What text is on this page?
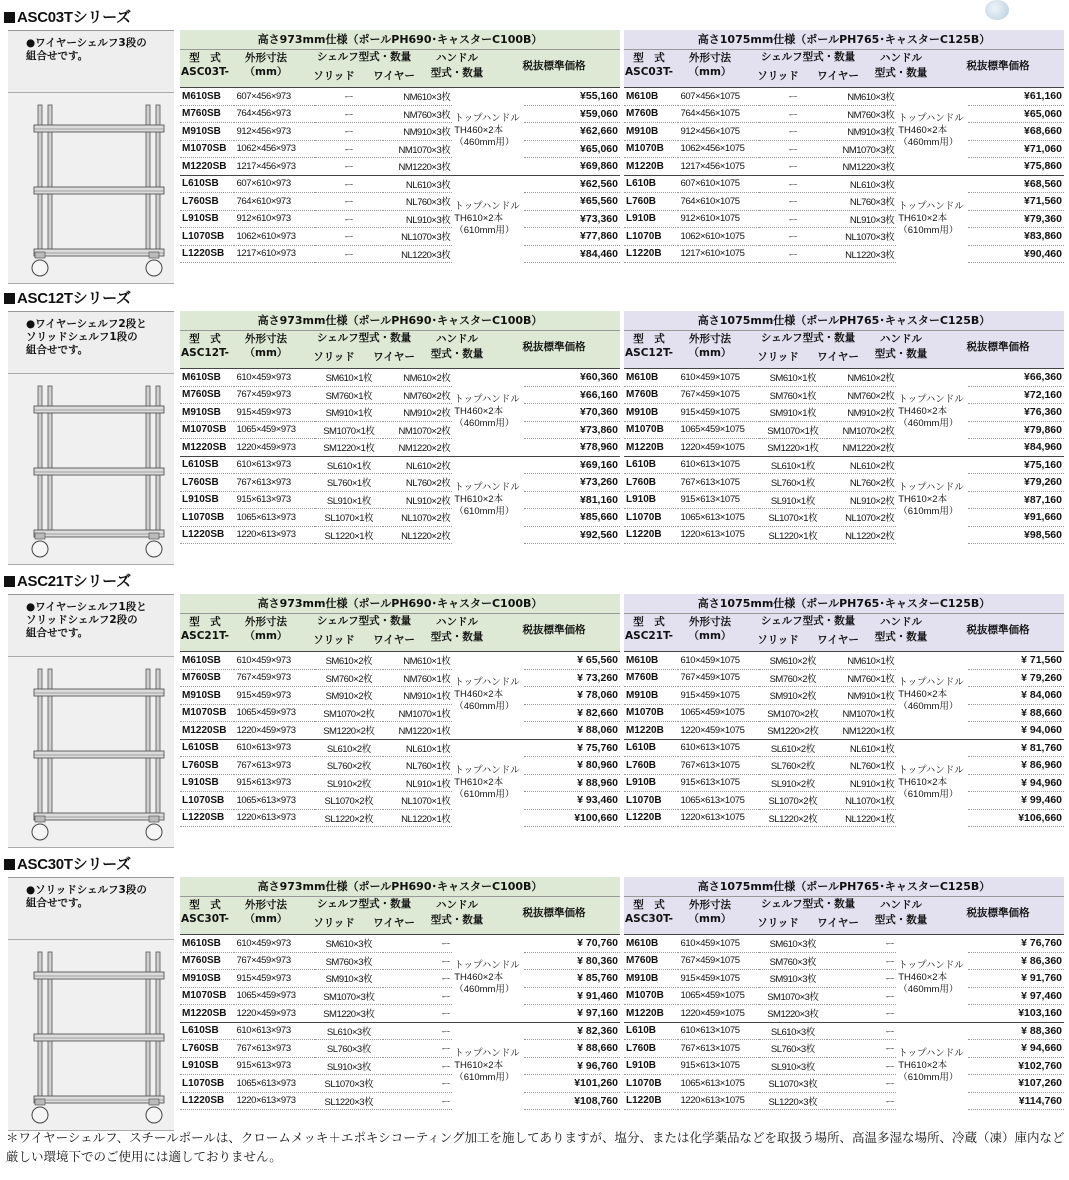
ASC03Tシリーズ
●ワイヤーシェルフ3段の
組合せです。
高さ973mm仕様（ポールPH690･キャスターC100B）
型　式
ASC03T-
外形寸法
（mm）	ソリッド	ワイヤー
ハンドル
型式・数量
税抜標準価格
シェルフ型式・数量
M610SB	607×456×973	ー	NM610×3枚	トップハンドル TH460×2本 （460mm用）	¥55,160
M760SB	764×456×973	ー	NM760×3枚		¥59,060
M910SB	912×456×973	ー	NM910×3枚		¥62,660
M1070SB	1062×456×973	ー	NM1070×3枚		¥65,060
M1220SB	1217×456×973	ー	NM1220×3枚		¥69,860
L610SB	607×610×973	ー	NL610×3枚	トップハンドル TH610×2本 （610mm用）	¥62,560
L760SB	764×610×973	ー	NL760×3枚		¥65,560
L910SB	912×610×973	ー	NL910×3枚		¥73,360
L1070SB	1062×610×973	ー	NL1070×3枚		¥77,860
L1220SB	1217×610×973	ー	NL1220×3枚		¥84,460
高さ1075mm仕様（ポールPH765･キャスターC125B）
型　式
ASC03T-
外形寸法
（mm）	ソリッド	ワイヤー
ハンドル
型式・数量
税抜標準価格
シェルフ型式・数量
M610B	607×456×1075	ー	NM610×3枚	トップハンドル TH460×2本 （460mm用）	¥61,160
M760B	764×456×1075	ー	NM760×3枚		¥65,060
M910B	912×456×1075	ー	NM910×3枚		¥68,660
M1070B	1062×456×1075	ー	NM1070×3枚		¥71,060
M1220B	1217×456×1075	ー	NM1220×3枚		¥75,860
L610B	607×610×1075	ー	NL610×3枚	トップハンドル TH610×2本 （610mm用）	¥68,560
L760B	764×610×1075	ー	NL760×3枚		¥71,560
L910B	912×610×1075	ー	NL910×3枚		¥79,360
L1070B	1062×610×1075	ー	NL1070×3枚		¥83,860
L1220B	1217×610×1075	ー	NL1220×3枚		¥90,460
ASC12Tシリーズ
●ワイヤーシェルフ2段と
ソリッドシェルフ1段の
組合せです。
高さ973mm仕様（ポールPH690･キャスターC100B）
型　式
ASC12T-
外形寸法
（mm）	ソリッド	ワイヤー
ハンドル
型式・数量
税抜標準価格
シェルフ型式・数量
M610SB	610×459×973	SM610×1枚	NM610×2枚	トップハンドル TH460×2本 （460mm用）	¥60,360
M760SB	767×459×973	SM760×1枚	NM760×2枚		¥66,160
M910SB	915×459×973	SM910×1枚	NM910×2枚		¥70,360
M1070SB	1065×459×973	SM1070×1枚	NM1070×2枚		¥73,860
M1220SB	1220×459×973	SM1220×1枚	NM1220×2枚		¥78,960
L610SB	610×613×973	SL610×1枚	NL610×2枚	トップハンドル TH610×2本 （610mm用）	¥69,160
L760SB	767×613×973	SL760×1枚	NL760×2枚		¥73,260
L910SB	915×613×973	SL910×1枚	NL910×2枚		¥81,160
L1070SB	1065×613×973	SL1070×1枚	NL1070×2枚		¥85,660
L1220SB	1220×613×973	SL1220×1枚	NL1220×2枚		¥92,560
高さ1075mm仕様（ポールPH765･キャスターC125B）
型　式
ASC12T-
外形寸法
（mm）	ソリッド	ワイヤー
ハンドル
型式・数量
税抜標準価格
シェルフ型式・数量
M610B	610×459×1075	SM610×1枚	NM610×2枚	トップハンドル TH460×2本 （460mm用）	¥66,360
M760B	767×459×1075	SM760×1枚	NM760×2枚		¥72,160
M910B	915×459×1075	SM910×1枚	NM910×2枚		¥76,360
M1070B	1065×459×1075	SM1070×1枚	NM1070×2枚		¥79,860
M1220B	1220×459×1075	SM1220×1枚	NM1220×2枚		¥84,960
L610B	610×613×1075	SL610×1枚	NL610×2枚	トップハンドル TH610×2本 （610mm用）	¥75,160
L760B	767×613×1075	SL760×1枚	NL760×2枚		¥79,260
L910B	915×613×1075	SL910×1枚	NL910×2枚		¥87,160
L1070B	1065×613×1075	SL1070×1枚	NL1070×2枚		¥91,660
L1220B	1220×613×1075	SL1220×1枚	NL1220×2枚		¥98,560
ASC21Tシリーズ
●ワイヤーシェルフ1段と
ソリッドシェルフ2段の
組合せです。
高さ973mm仕様（ポールPH690･キャスターC100B）
型　式
ASC21T-
外形寸法
（mm）	ソリッド	ワイヤー
ハンドル
型式・数量
税抜標準価格
シェルフ型式・数量
M610SB	610×459×973	SM610×2枚	NM610×1枚	トップハンドル TH460×2本 （460mm用）	¥ 65,560
M760SB	767×459×973	SM760×2枚	NM760×1枚		¥ 73,260
M910SB	915×459×973	SM910×2枚	NM910×1枚		¥ 78,060
M1070SB	1065×459×973	SM1070×2枚	NM1070×1枚		¥ 82,660
M1220SB	1220×459×973	SM1220×2枚	NM1220×1枚		¥ 88,060
L610SB	610×613×973	SL610×2枚	NL610×1枚	トップハンドル TH610×2本 （610mm用）	¥ 75,760
L760SB	767×613×973	SL760×2枚	NL760×1枚		¥ 80,960
L910SB	915×613×973	SL910×2枚	NL910×1枚		¥ 88,960
L1070SB	1065×613×973	SL1070×2枚	NL1070×1枚		¥ 93,460
L1220SB	1220×613×973	SL1220×2枚	NL1220×1枚		¥100,660
高さ1075mm仕様（ポールPH765･キャスターC125B）
型　式
ASC21T-
外形寸法
（mm）	ソリッド	ワイヤー
ハンドル
型式・数量
税抜標準価格
シェルフ型式・数量
M610B	610×459×1075	SM610×2枚	NM610×1枚	トップハンドル TH460×2本 （460mm用）	¥ 71,560
M760B	767×459×1075	SM760×2枚	NM760×1枚		¥ 79,260
M910B	915×459×1075	SM910×2枚	NM910×1枚		¥ 84,060
M1070B	1065×459×1075	SM1070×2枚	NM1070×1枚		¥ 88,660
M1220B	1220×459×1075	SM1220×2枚	NM1220×1枚		¥ 94,060
L610B	610×613×1075	SL610×2枚	NL610×1枚	トップハンドル TH610×2本 （610mm用）	¥ 81,760
L760B	767×613×1075	SL760×2枚	NL760×1枚		¥ 86,960
L910B	915×613×1075	SL910×2枚	NL910×1枚		¥ 94,960
L1070B	1065×613×1075	SL1070×2枚	NL1070×1枚		¥ 99,460
L1220B	1220×613×1075	SL1220×2枚	NL1220×1枚		¥106,660
ASC30Tシリーズ
●ソリッドシェルフ3段の
組合せです。
高さ973mm仕様（ポールPH690･キャスターC100B）
型　式
ASC30T-
外形寸法
（mm）	ソリッド	ワイヤー
ハンドル
型式・数量
税抜標準価格
シェルフ型式・数量
M610SB	610×459×973	SM610×3枚	ー	トップハンドル TH460×2本 （460mm用）	¥ 70,760
M760SB	767×459×973	SM760×3枚	ー		¥ 80,360
M910SB	915×459×973	SM910×3枚	ー		¥ 85,760
M1070SB	1065×459×973	SM1070×3枚	ー		¥ 91,460
M1220SB	1220×459×973	SM1220×3枚	ー		¥ 97,160
L610SB	610×613×973	SL610×3枚	ー	トップハンドル TH610×2本 （610mm用）	¥ 82,360
L760SB	767×613×973	SL760×3枚	ー		¥ 88,660
L910SB	915×613×973	SL910×3枚	ー		¥ 96,760
L1070SB	1065×613×973	SL1070×3枚	ー		¥101,260
L1220SB	1220×613×973	SL1220×3枚	ー		¥108,760
高さ1075mm仕様（ポールPH765･キャスターC125B）
型　式
ASC30T-
外形寸法
（mm）	ソリッド	ワイヤー
ハンドル
型式・数量
税抜標準価格
シェルフ型式・数量
M610B	610×459×1075	SM610×3枚	ー	トップハンドル TH460×2本 （460mm用）	¥ 76,760
M760B	767×459×1075	SM760×3枚	ー		¥ 86,360
M910B	915×459×1075	SM910×3枚	ー		¥ 91,760
M1070B	1065×459×1075	SM1070×3枚	ー		¥ 97,460
M1220B	1220×459×1075	SM1220×3枚	ー		¥103,160
L610B	610×613×1075	SL610×3枚	ー	トップハンドル TH610×2本 （610mm用）	¥ 88,360
L760B	767×613×1075	SL760×3枚	ー		¥ 94,660
L910B	915×613×1075	SL910×3枚	ー		¥102,760
L1070B	1065×613×1075	SL1070×3枚	ー		¥107,260
L1220B	1220×613×1075	SL1220×3枚	ー		¥114,760
＊ワイヤーシェルフ、スチールポールは、クロームメッキ＋エポキシコーティング加工を施してありますが、塩分、または化学薬品などを取扱う場所、高温多湿な場所、冷蔵（凍）庫内など厳しい環境下でのご使用には適しておりません。
